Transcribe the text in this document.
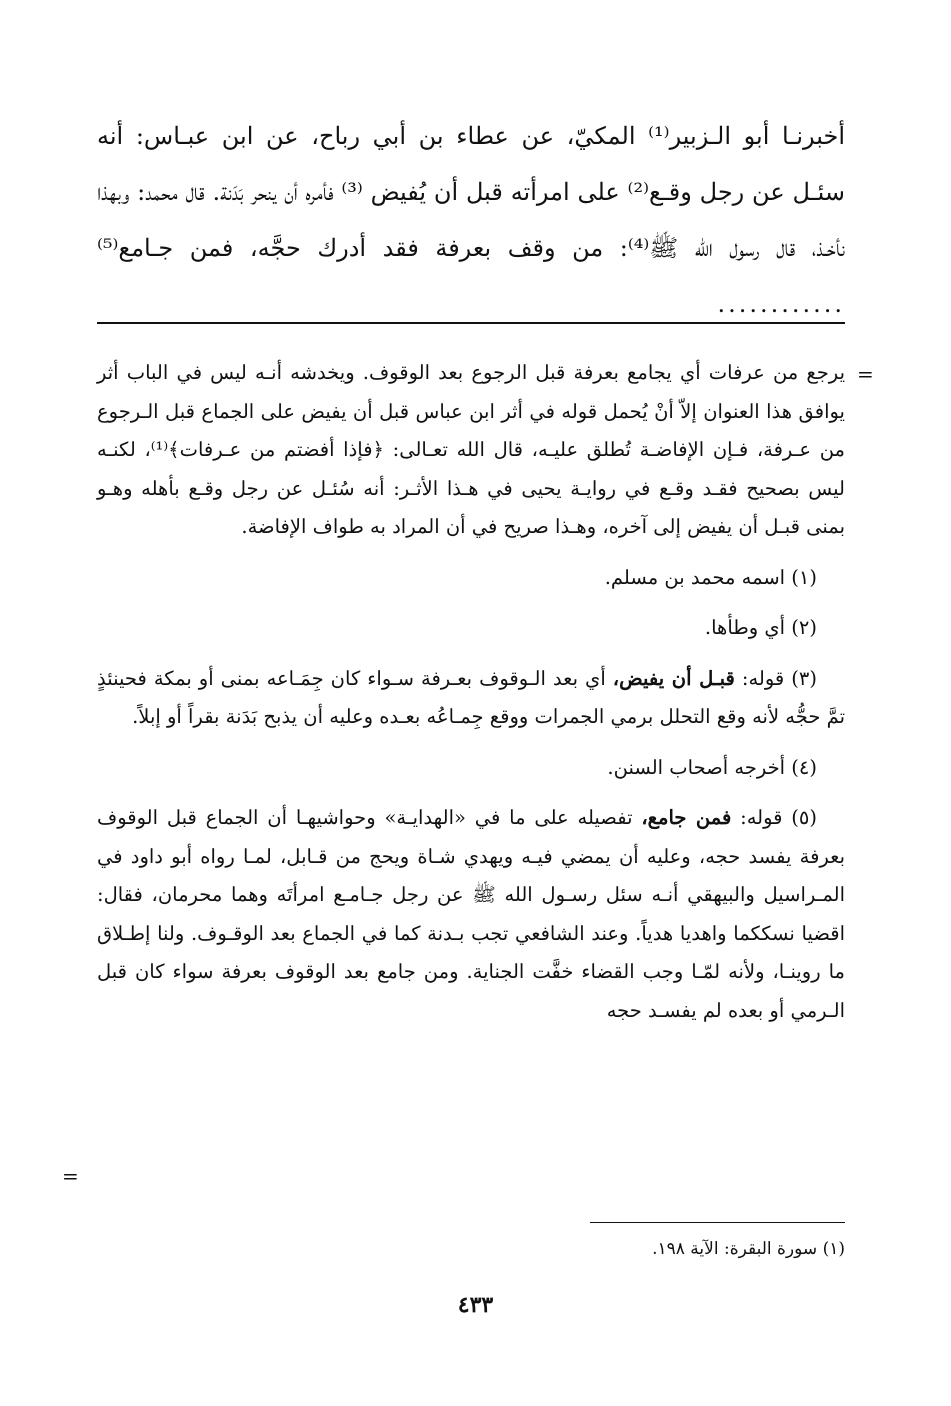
أخبرنـا أبو الـزبير⁽¹⁾ المكيّ، عن عطاء بن أبي رباح، عن ابن عبـاس: أنه سئـل عن رجل وقـع⁽²⁾ على امرأته قبل أن يُفيض ⁽³⁾ فأمره أن ينحر بَدَنة. قال محمد: وبهذا نأخـذ، قال رسول الله ﷺ⁽⁴⁾: من وقف بعرفة فقد أدرك حجَّه، فمن جـامع⁽⁵⁾ ............
=

يرجع من عرفات أي يجامع بعرفة قبل الرجوع بعد الوقوف. ويخدشه أنـه ليس في الباب أثر يوافق هذا العنوان إلاّ أنْ يُحمل قوله في أثر ابن عباس قبل أن يفيض على الجماع قبل الـرجوع من عـرفة، فـإن الإفاضـة تُطلق عليـه، قال الله تعـالى: ﴿فإذا أفضتم من عـرفات﴾⁽¹⁾، لكنـه ليس بصحيح فقـد وقـع في روايـة يحيى في هـذا الأثـر: أنه سُئـل عن رجل وقـع بأهله وهـو بمنى قبـل أن يفيض إلى آخره، وهـذا صريح في أن المراد به طواف الإفاضة.

(١) اسمه محمد بن مسلم.

(٢) أي وطأها.

(٣) قوله: قبـل أن يفيض، أي بعد الـوقوف بعـرفة سـواء كان جِمَـاعه بمنى أو بمكة فحينئذٍ تمَّ حجُّه لأنه وقع التحلل برمي الجمرات ووقع جِمـاعُه بعـده وعليه أن يذبح بَدَنة بقراً أو إبلاً.

(٤) أخرجه أصحاب السنن.

(٥) قوله: فمن جامع، تفصيله على ما في «الهدايـة» وحواشيهـا أن الجماع قبل الوقوف بعرفة يفسد حجه، وعليه أن يمضي فيـه ويهدي شـاة ويحج من قـابل، لمـا رواه أبو داود في المـراسيل والبيهقي أنـه سئل رسـول الله ﷺ عن رجل جـامـع امرأتَه وهما محرمان، فقال: اقضيا نسككما واهديا هدياً. وعند الشافعي تجب بـدنة كما في الجماع بعد الوقـوف. ولنا إطـلاق ما روينـا، ولأنه لمّـا وجب القضاء خفَّت الجناية. ومن جامع بعد الوقوف بعرفة سواء كان قبل الـرمي أو بعده لم يفسـد حجه

=
(١) سورة البقرة: الآية ١٩٨.
٤٣٣
